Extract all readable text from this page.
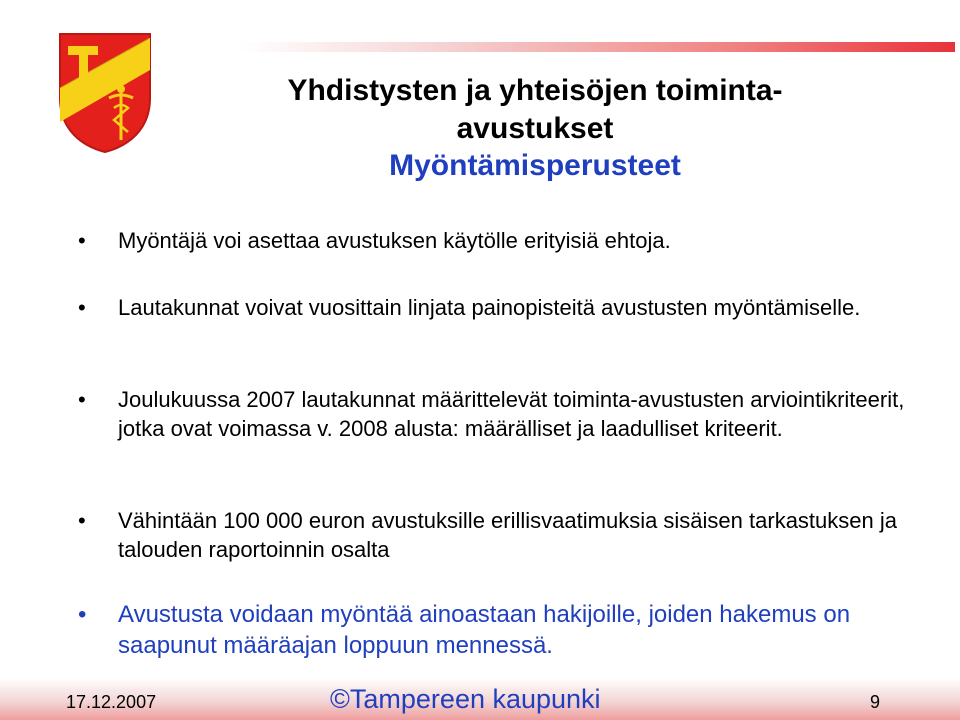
Yhdistysten ja yhteisöjen toiminta-avustukset
Myöntämisperusteet
•	Myöntäjä voi asettaa avustuksen käytölle erityisiä ehtoja.
•	Lautakunnat voivat vuosittain linjata painopisteitä avustusten myöntämiselle.
•	Joulukuussa 2007 lautakunnat määrittelevät toiminta-avustusten arviointikriteerit, jotka ovat voimassa v. 2008 alusta: määrälliset ja laadulliset kriteerit.
•	Vähintään 100 000 euron avustuksille erillisvaatimuksia sisäisen tarkastuksen ja talouden raportoinnin osalta
•	Avustusta voidaan myöntää ainoastaan hakijoille, joiden hakemus on saapunut määräajan loppuun mennessä.
17.12.2007	©Tampereen kaupunki	9
